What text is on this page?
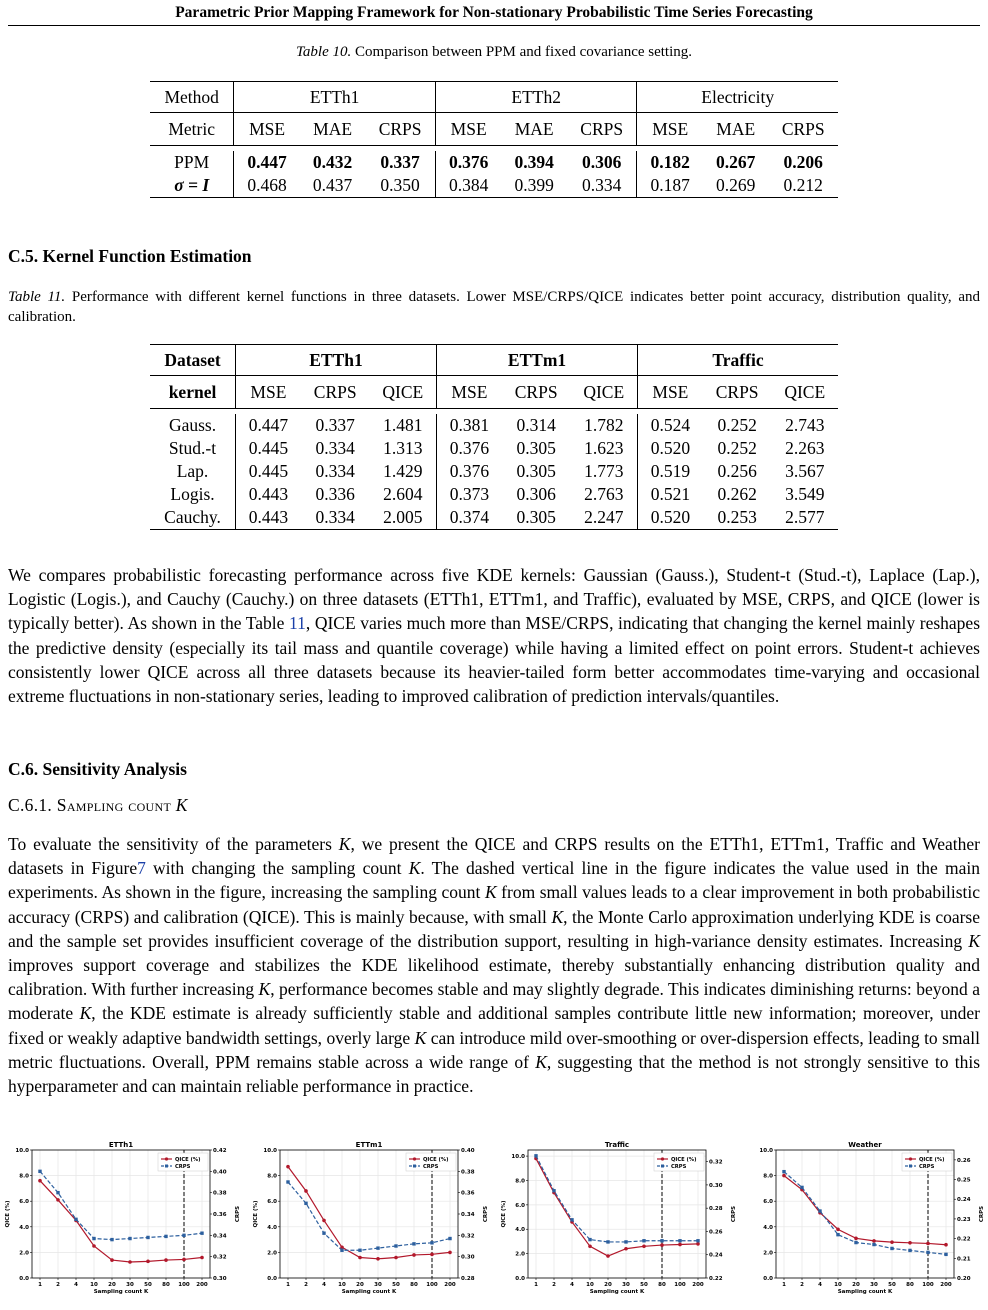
Parametric Prior Mapping Framework for Non-stationary Probabilistic Time Series Forecasting
Table 10. Comparison between PPM and fixed covariance setting.
Method	ETTh1			ETTh2			Electricity		
Metric	MSE	MAE	CRPS	MSE	MAE	CRPS	MSE	MAE	CRPS

PPM	0.447	0.432	0.337	0.376	0.394	0.306	0.182	0.267	0.206
σ = I	0.468	0.437	0.350	0.384	0.399	0.334	0.187	0.269	0.212
C.5. Kernel Function Estimation
Table 11. Performance with different kernel functions in three datasets. Lower MSE/CRPS/QICE indicates better point accuracy, distribution quality, and calibration.
Dataset	ETTh1			ETTm1			Traffic		
kernel	MSE	CRPS	QICE	MSE	CRPS	QICE	MSE	CRPS	QICE

Gauss.	0.447	0.337	1.481	0.381	0.314	1.782	0.524	0.252	2.743
Stud.-t	0.445	0.334	1.313	0.376	0.305	1.623	0.520	0.252	2.263
Lap.	0.445	0.334	1.429	0.376	0.305	1.773	0.519	0.256	3.567
Logis.	0.443	0.336	2.604	0.373	0.306	2.763	0.521	0.262	3.549
Cauchy.	0.443	0.334	2.005	0.374	0.305	2.247	0.520	0.253	2.577

We compares probabilistic forecasting performance across five KDE kernels: Gaussian (Gauss.), Student-t (Stud.-t), Laplace (Lap.), Logistic (Logis.), and Cauchy (Cauchy.) on three datasets (ETTh1, ETTm1, and Traffic), evaluated by MSE, CRPS, and QICE (lower is typically better). As shown in the Table 11, QICE varies much more than MSE/CRPS, indicating that changing the kernel mainly reshapes the predictive density (especially its tail mass and quantile coverage) while having a limited effect on point errors. Student-t achieves consistently lower QICE across all three datasets because its heavier-tailed form better accommodates time-varying and occasional extreme fluctuations in non-stationary series, leading to improved calibration of prediction intervals/quantiles.

C.6. Sensitivity Analysis
C.6.1. Sampling count K

To evaluate the sensitivity of the parameters K, we present the QICE and CRPS results on the ETTh1, ETTm1, Traffic and Weather datasets in Figure7 with changing the sampling count K. The dashed vertical line in the figure indicates the value used in the main experiments. As shown in the figure, increasing the sampling count K from small values leads to a clear improvement in both probabilistic accuracy (CRPS) and calibration (QICE). This is mainly because, with small K, the Monte Carlo approximation underlying KDE is coarse and the sample set provides insufficient coverage of the distribution support, resulting in high-variance density estimates. Increasing K improves support coverage and stabilizes the KDE likelihood estimate, thereby substantially enhancing distribution quality and calibration. With further increasing K, performance becomes stable and may slightly degrade. This indicates diminishing returns: beyond a moderate K, the KDE estimate is already sufficiently stable and additional samples contribute little new information; moreover, under fixed or weakly adaptive bandwidth settings, overly large K can introduce mild over-smoothing or over-dispersion effects, leading to small metric fluctuations. Overall, PPM remains stable across a wide range of K, suggesting that the method is not strongly sensitive to this hyperparameter and can maintain reliable performance in practice.

ETTh1
0.0
2.0
4.0
6.0
8.0
10.0
0.30
0.32
0.34
0.36
0.38
0.40
0.42
1	2	4 10 20 30 50 80 100 200
Sampling count K
QICE (%)	CRPS
QICE (%)
CRPS
ETTm1
0.0
2.0
4.0
6.0
8.0
10.0
0.28
0.30
0.32
0.34
0.36
0.38
0.40
1	2	4 10 20 30 50 80 100 200
Sampling count K
QICE (%)	CRPS
QICE (%)
CRPS
Traffic
0.0
2.0
4.0
6.0
8.0
10.0
0.22
0.24
0.26
0.28
0.30
0.32
1	2	4 10 20 30 50 80 100 200
Sampling count K
QICE (%)	CRPS
QICE (%)
CRPS
Weather
0.0
2.0
4.0
6.0
8.0
10.0
0.20
0.21
0.22
0.23
0.24
0.25
0.26
1	2	4 10 20 30 50 80 100 200
Sampling count K
CRPS
QICE (%)
CRPS
